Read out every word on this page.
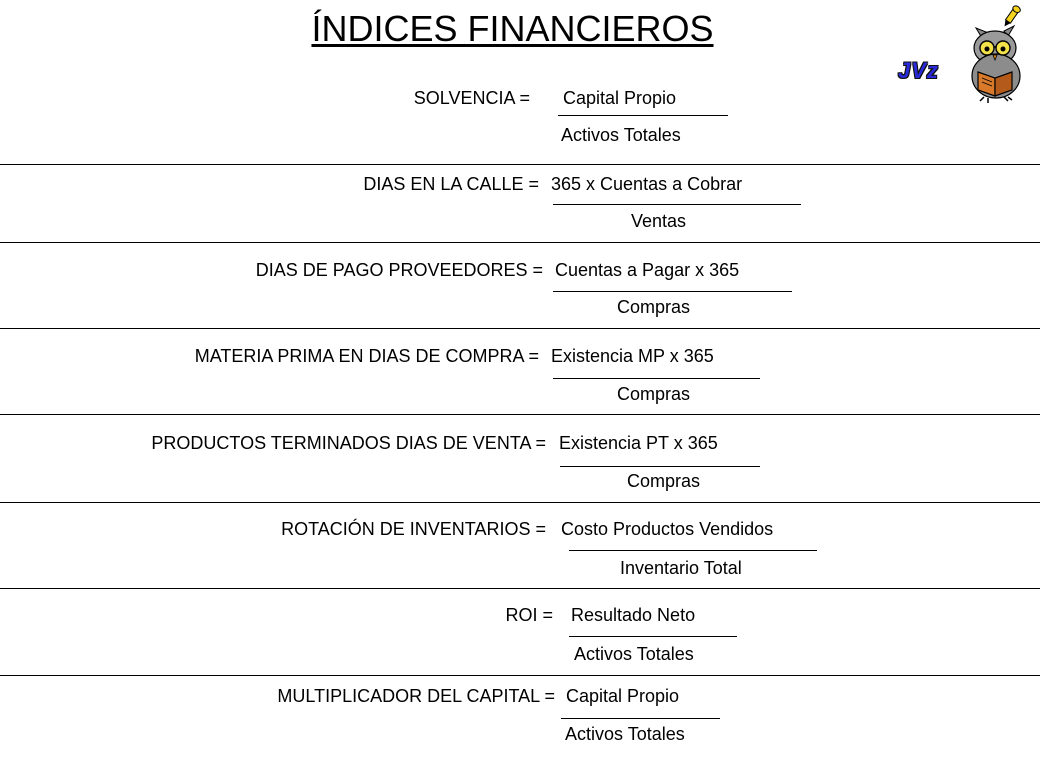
ÍNDICES FINANCIEROS
JVz
SOLVENCIA = Capital Propio
Activos Totales
DIAS EN LA CALLE = 365 x Cuentas a Cobrar
Ventas
DIAS DE PAGO PROVEEDORES = Cuentas a Pagar x 365
Compras
MATERIA PRIMA EN DIAS DE COMPRA = Existencia MP x 365
Compras
PRODUCTOS TERMINADOS DIAS DE VENTA = Existencia PT x 365
Compras
ROTACIÓN DE INVENTARIOS = Costo Productos Vendidos
Inventario Total
ROI = Resultado Neto
Activos Totales
MULTIPLICADOR DEL CAPITAL = Capital Propio
Activos Totales
